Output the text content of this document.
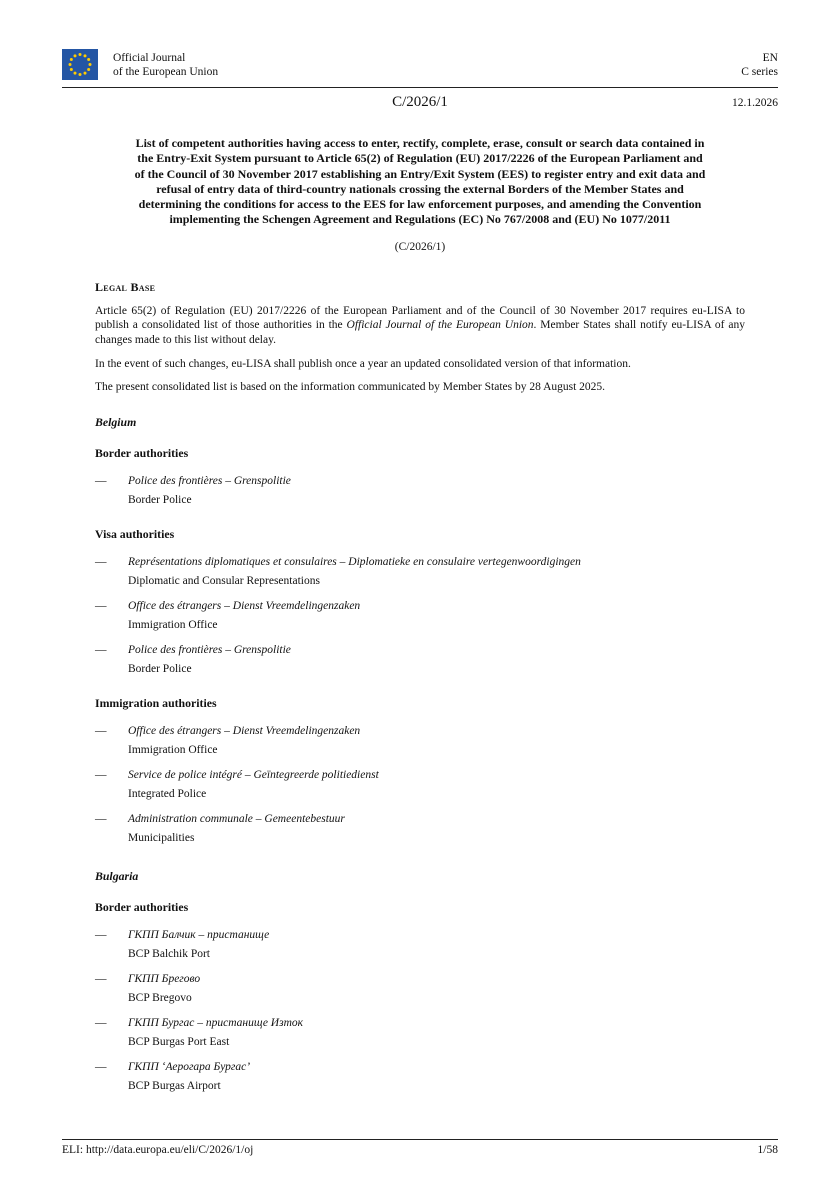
Official Journal
of the European Union
EN
C series
C/2026/1	12.1.2026
List of competent authorities having access to enter, rectify, complete, erase, consult or search data contained in the Entry-Exit System pursuant to Article 65(2) of Regulation (EU) 2017/2226 of the European Parliament and of the Council of 30 November 2017 establishing an Entry/Exit System (EES) to register entry and exit data and refusal of entry data of third-country nationals crossing the external Borders of the Member States and determining the conditions for access to the EES for law enforcement purposes, and amending the Convention implementing the Schengen Agreement and Regulations (EC) No 767/2008 and (EU) No 1077/2011
(C/2026/1)
Legal Base

Article 65(2) of Regulation (EU) 2017/2226 of the European Parliament and of the Council of 30 November 2017 requires eu-LISA to publish a consolidated list of those authorities in the Official Journal of the European Union. Member States shall notify eu-LISA of any changes made to this list without delay.

In the event of such changes, eu-LISA shall publish once a year an updated consolidated version of that information.

The present consolidated list is based on the information communicated by Member States by 28 August 2025.

Belgium
Border authorities
—	Police des frontières – Grenspolitie
Border Police
Visa authorities
—	Représentations diplomatiques et consulaires – Diplomatieke en consulaire vertegenwoordigingen
Diplomatic and Consular Representations
—	Office des étrangers – Dienst Vreemdelingenzaken
Immigration Office
—	Police des frontières – Grenspolitie
Border Police
Immigration authorities
—	Office des étrangers – Dienst Vreemdelingenzaken
Immigration Office
—	Service de police intégré – Geïntegreerde politiedienst
Integrated Police
—	Administration communale – Gemeentebestuur
Municipalities
Bulgaria
Border authorities
—	ГКПП Балчик – пристанище
BCP Balchik Port
—	ГКПП Брегово
BCP Bregovo
—	ГКПП Бургас – пристанище Изток
BCP Burgas Port East
—	ГКПП ‘Аерогара Бургас’
BCP Burgas Airport
ELI: http://data.europa.eu/eli/C/2026/1/oj	1/58
